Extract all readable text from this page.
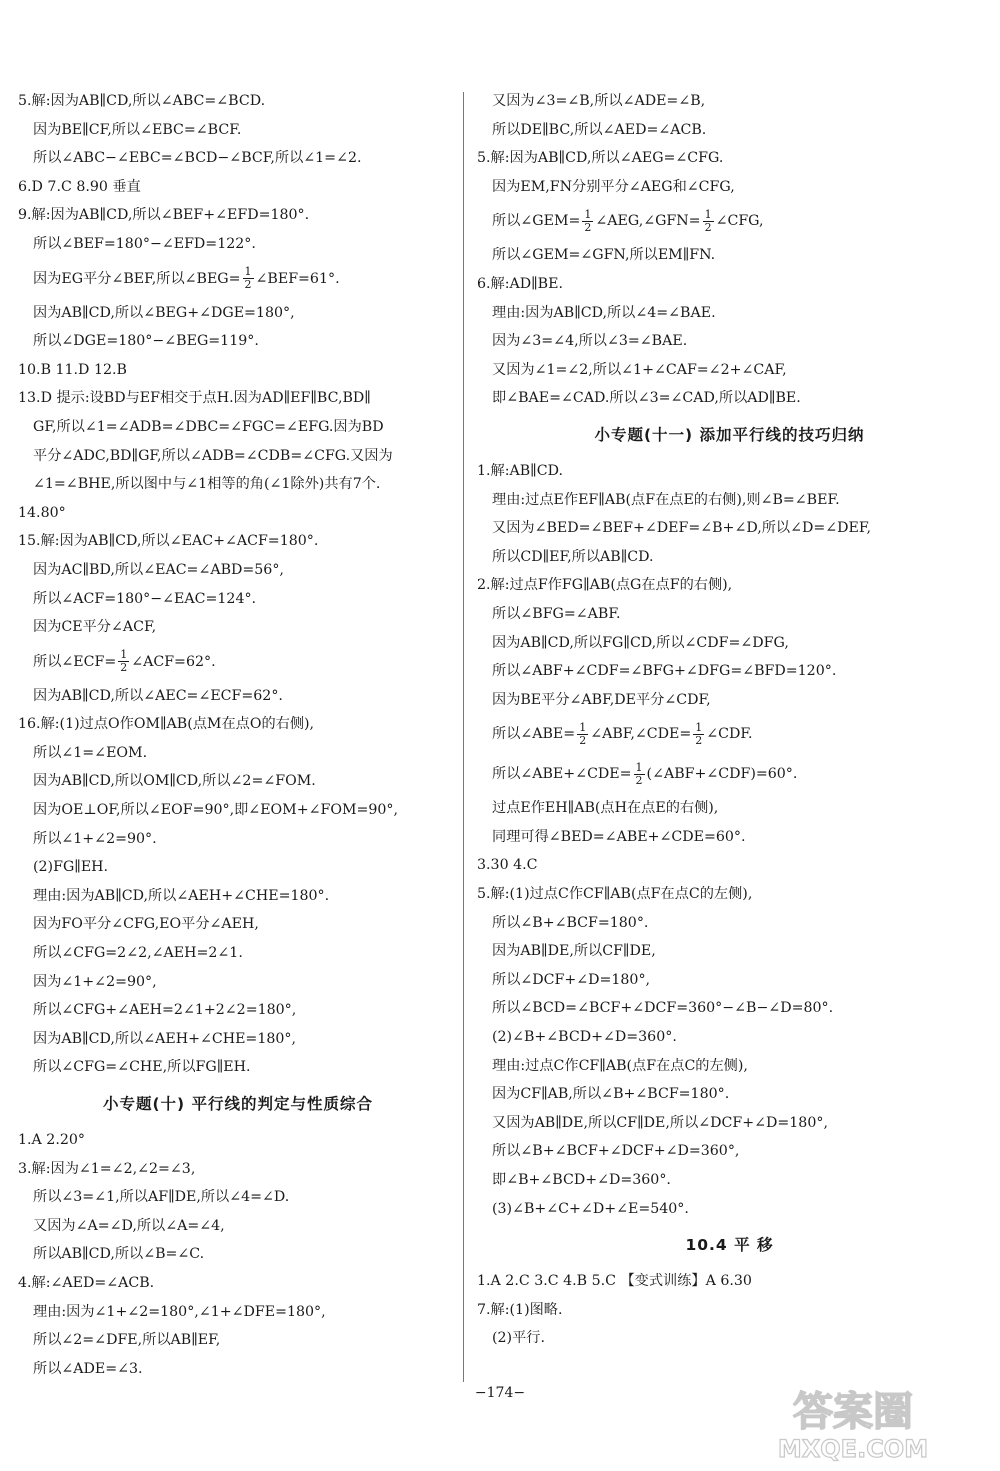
5.解:因为AB∥CD,所以∠ABC=∠BCD.
因为BE∥CF,所以∠EBC=∠BCF.
所以∠ABC−∠EBC=∠BCD−∠BCF,所以∠1=∠2.
6.D 7.C 8.90 垂直
9.解:因为AB∥CD,所以∠BEF+∠EFD=180°.
所以∠BEF=180°−∠EFD=122°.
因为EG平分∠BEF,所以∠BEG= $\frac{1}{2}$ ∠BEF=61°.
因为AB∥CD,所以∠BEG+∠DGE=180°,
所以∠DGE=180°−∠BEG=119°.
10.B 11.D 12.B
13.D 提示:设BD与EF相交于点H.因为AD∥EF∥BC,BD∥
GF,所以∠1=∠ADB=∠DBC=∠FGC=∠EFG.因为BD
平分∠ADC,BD∥GF,所以∠ADB=∠CDB=∠CFG.又因为
∠1=∠BHE,所以图中与∠1相等的角(∠1除外)共有7个.
14.80°
15.解:因为AB∥CD,所以∠EAC+∠ACF=180°.
因为AC∥BD,所以∠EAC=∠ABD=56°,
所以∠ACF=180°−∠EAC=124°.
因为CE平分∠ACF,
所以∠ECF= $\frac{1}{2}$ ∠ACF=62°.
因为AB∥CD,所以∠AEC=∠ECF=62°.
16.解:(1)过点O作OM∥AB(点M在点O的右侧),
所以∠1=∠EOM.
因为AB∥CD,所以OM∥CD,所以∠2=∠FOM.
因为OE⊥OF,所以∠EOF=90°,即∠EOM+∠FOM=90°,
所以∠1+∠2=90°.
(2)FG∥EH.
理由:因为AB∥CD,所以∠AEH+∠CHE=180°.
因为FO平分∠CFG,EO平分∠AEH,
所以∠CFG=2∠2,∠AEH=2∠1.
因为∠1+∠2=90°,
所以∠CFG+∠AEH=2∠1+2∠2=180°,
因为AB∥CD,所以∠AEH+∠CHE=180°,
所以∠CFG=∠CHE,所以FG∥EH.
小专题(十) 平行线的判定与性质综合
1.A 2.20°
3.解:因为∠1=∠2,∠2=∠3,
所以∠3=∠1,所以AF∥DE,所以∠4=∠D.
又因为∠A=∠D,所以∠A=∠4,
所以AB∥CD,所以∠B=∠C.
4.解:∠AED=∠ACB.
理由:因为∠1+∠2=180°,∠1+∠DFE=180°,
所以∠2=∠DFE,所以AB∥EF,
所以∠ADE=∠3.
又因为∠3=∠B,所以∠ADE=∠B,
所以DE∥BC,所以∠AED=∠ACB.
5.解:因为AB∥CD,所以∠AEG=∠CFG.
因为EM,FN分别平分∠AEG和∠CFG,
所以∠GEM= $\frac{1}{2}$ ∠AEG,∠GFN= $\frac{1}{2}$ ∠CFG,
所以∠GEM=∠GFN,所以EM∥FN.
6.解:AD∥BE.
理由:因为AB∥CD,所以∠4=∠BAE.
因为∠3=∠4,所以∠3=∠BAE.
又因为∠1=∠2,所以∠1+∠CAF=∠2+∠CAF,
即∠BAE=∠CAD.所以∠3=∠CAD,所以AD∥BE.
小专题(十一) 添加平行线的技巧归纳
1.解:AB∥CD.
理由:过点E作EF∥AB(点F在点E的右侧),则∠B=∠BEF.
又因为∠BED=∠BEF+∠DEF=∠B+∠D,所以∠D=∠DEF,
所以CD∥EF,所以AB∥CD.
2.解:过点F作FG∥AB(点G在点F的右侧),
所以∠BFG=∠ABF.
因为AB∥CD,所以FG∥CD,所以∠CDF=∠DFG,
所以∠ABF+∠CDF=∠BFG+∠DFG=∠BFD=120°.
因为BE平分∠ABF,DE平分∠CDF,
所以∠ABE= $\frac{1}{2}$ ∠ABF,∠CDE= $\frac{1}{2}$ ∠CDF.
所以∠ABE+∠CDE= $\frac{1}{2}$ (∠ABF+∠CDF)=60°.
过点E作EH∥AB(点H在点E的右侧),
同理可得∠BED=∠ABE+∠CDE=60°.
3.30 4.C
5.解:(1)过点C作CF∥AB(点F在点C的左侧),
所以∠B+∠BCF=180°.
因为AB∥DE,所以CF∥DE,
所以∠DCF+∠D=180°,
所以∠BCD=∠BCF+∠DCF=360°−∠B−∠D=80°.
(2)∠B+∠BCD+∠D=360°.
理由:过点C作CF∥AB(点F在点C的左侧),
因为CF∥AB,所以∠B+∠BCF=180°.
又因为AB∥DE,所以CF∥DE,所以∠DCF+∠D=180°,
所以∠B+∠BCF+∠DCF+∠D=360°,
即∠B+∠BCD+∠D=360°.
(3)∠B+∠C+∠D+∠E=540°.
10.4 平 移
1.A 2.C 3.C 4.B 5.C 【变式训练】A 6.30
7.解:(1)图略.
(2)平行.
−174−	答案圈
MXQE.COM
